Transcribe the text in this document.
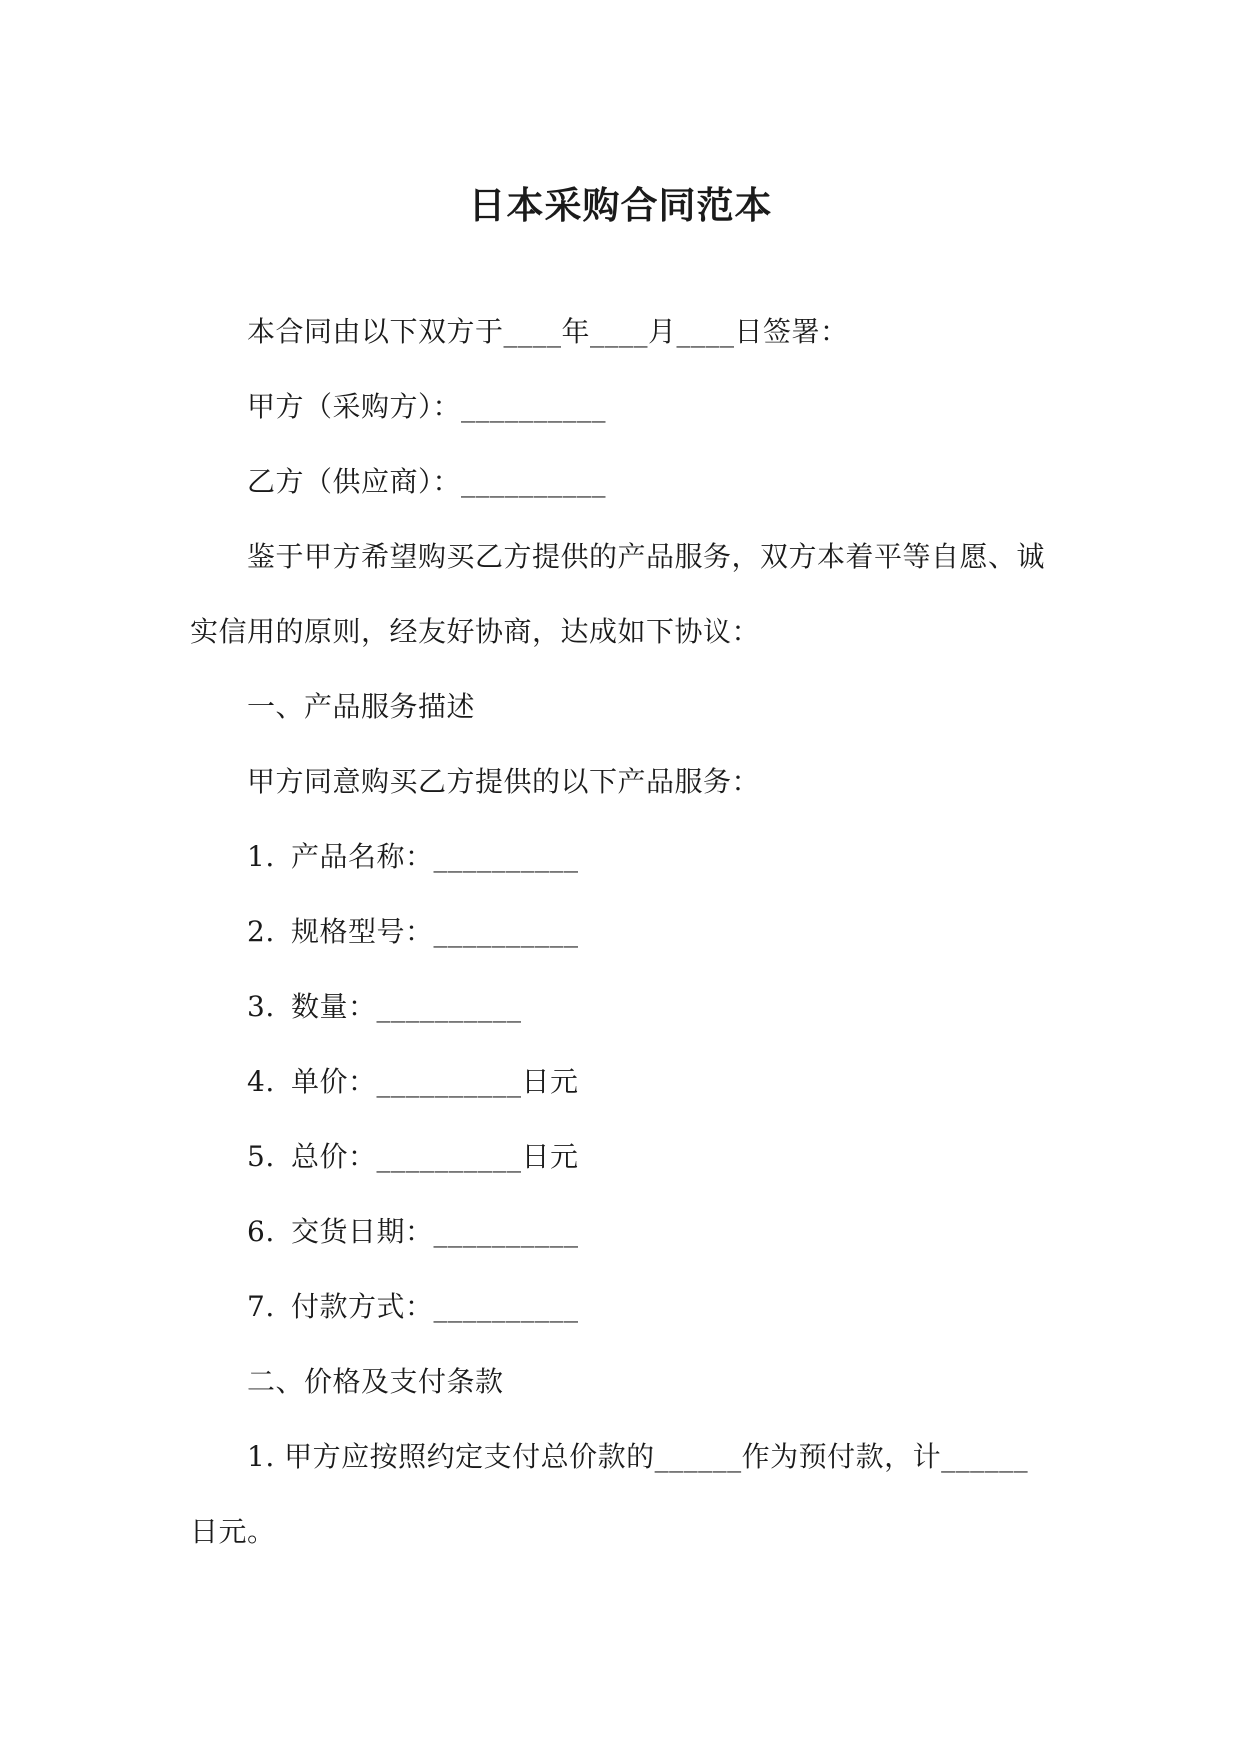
日本采购合同范本
本合同由以下双方于____年____月____日签署：
甲方（采购方）：__________
乙方（供应商）：__________
鉴于甲方希望购买乙方提供的产品服务，双方本着平等自愿、诚
实信用的原则，经友好协商，达成如下协议：
一、产品服务描述
甲方同意购买乙方提供的以下产品服务：
1. 产品名称：__________
2. 规格型号：__________
3. 数量：__________
4. 单价：__________日元
5. 总价：__________日元
6. 交货日期：__________
7. 付款方式：__________
二、价格及支付条款
1. 甲方应按照约定支付总价款的______作为预付款，计______
日元。
